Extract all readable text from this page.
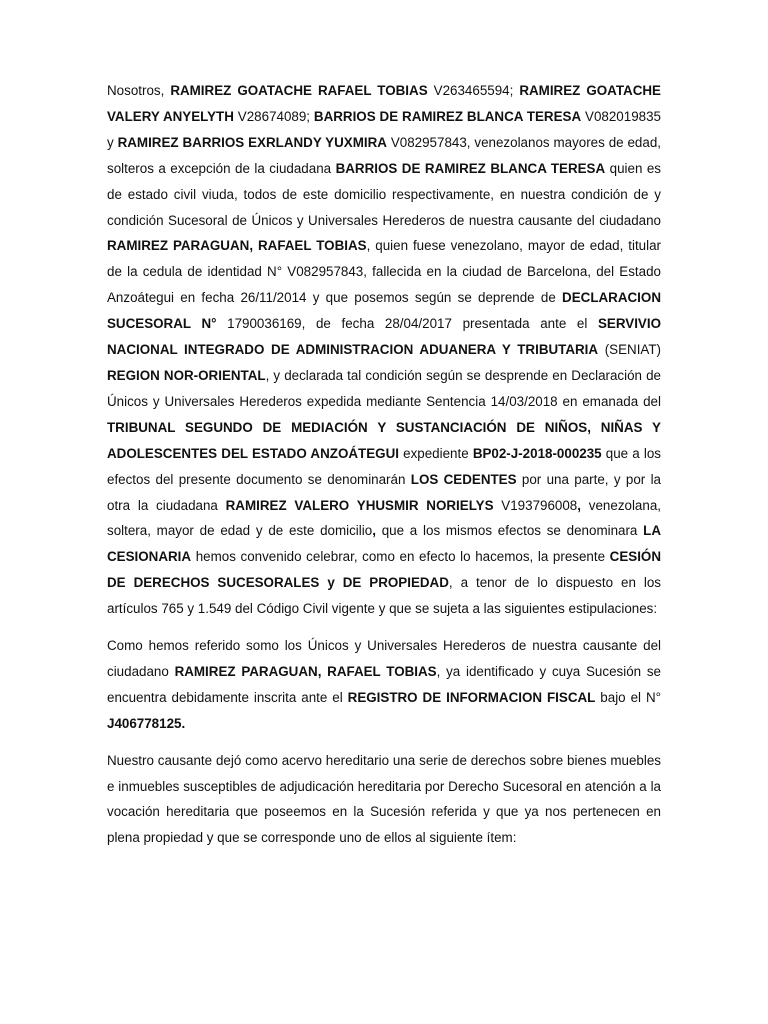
Nosotros, RAMIREZ GOATACHE RAFAEL TOBIAS V263465594; RAMIREZ GOATACHE VALERY ANYELYTH V28674089; BARRIOS DE RAMIREZ BLANCA TERESA V082019835 y RAMIREZ BARRIOS EXRLANDY YUXMIRA V082957843, venezolanos mayores de edad, solteros a excepción de la ciudadana BARRIOS DE RAMIREZ BLANCA TERESA quien es de estado civil viuda, todos de este domicilio respectivamente, en nuestra condición de y condición Sucesoral de Únicos y Universales Herederos de nuestra causante del ciudadano RAMIREZ PARAGUAN, RAFAEL TOBIAS, quien fuese venezolano, mayor de edad, titular de la cedula de identidad N° V082957843, fallecida en la ciudad de Barcelona, del Estado Anzoátegui en fecha 26/11/2014 y que posemos según se deprende de DECLARACION SUCESORAL N° 1790036169, de fecha 28/04/2017 presentada ante el SERVIVIO NACIONAL INTEGRADO DE ADMINISTRACION ADUANERA Y TRIBUTARIA (SENIAT) REGION NOR-ORIENTAL, y declarada tal condición según se desprende en Declaración de Únicos y Universales Herederos expedida mediante Sentencia 14/03/2018 en emanada del TRIBUNAL SEGUNDO DE MEDIACIÓN Y SUSTANCIACIÓN DE NIÑOS, NIÑAS Y ADOLESCENTES DEL ESTADO ANZOÁTEGUI expediente BP02-J-2018-000235 que a los efectos del presente documento se denominarán LOS CEDENTES por una parte, y por la otra la ciudadana RAMIREZ VALERO YHUSMIR NORIELYS V193796008, venezolana, soltera, mayor de edad y de este domicilio, que a los mismos efectos se denominara LA CESIONARIA hemos convenido celebrar, como en efecto lo hacemos, la presente CESIÓN DE DERECHOS SUCESORALES y DE PROPIEDAD, a tenor de lo dispuesto en los artículos 765 y 1.549 del Código Civil vigente y que se sujeta a las siguientes estipulaciones:

Como hemos referido somo los Únicos y Universales Herederos de nuestra causante del ciudadano RAMIREZ PARAGUAN, RAFAEL TOBIAS, ya identificado y cuya Sucesión se encuentra debidamente inscrita ante el REGISTRO DE INFORMACION FISCAL bajo el N° J406778125.

Nuestro causante dejó como acervo hereditario una serie de derechos sobre bienes muebles e inmuebles susceptibles de adjudicación hereditaria por Derecho Sucesoral en atención a la vocación hereditaria que poseemos en la Sucesión referida y que ya nos pertenecen en plena propiedad y que se corresponde uno de ellos al siguiente ítem:
